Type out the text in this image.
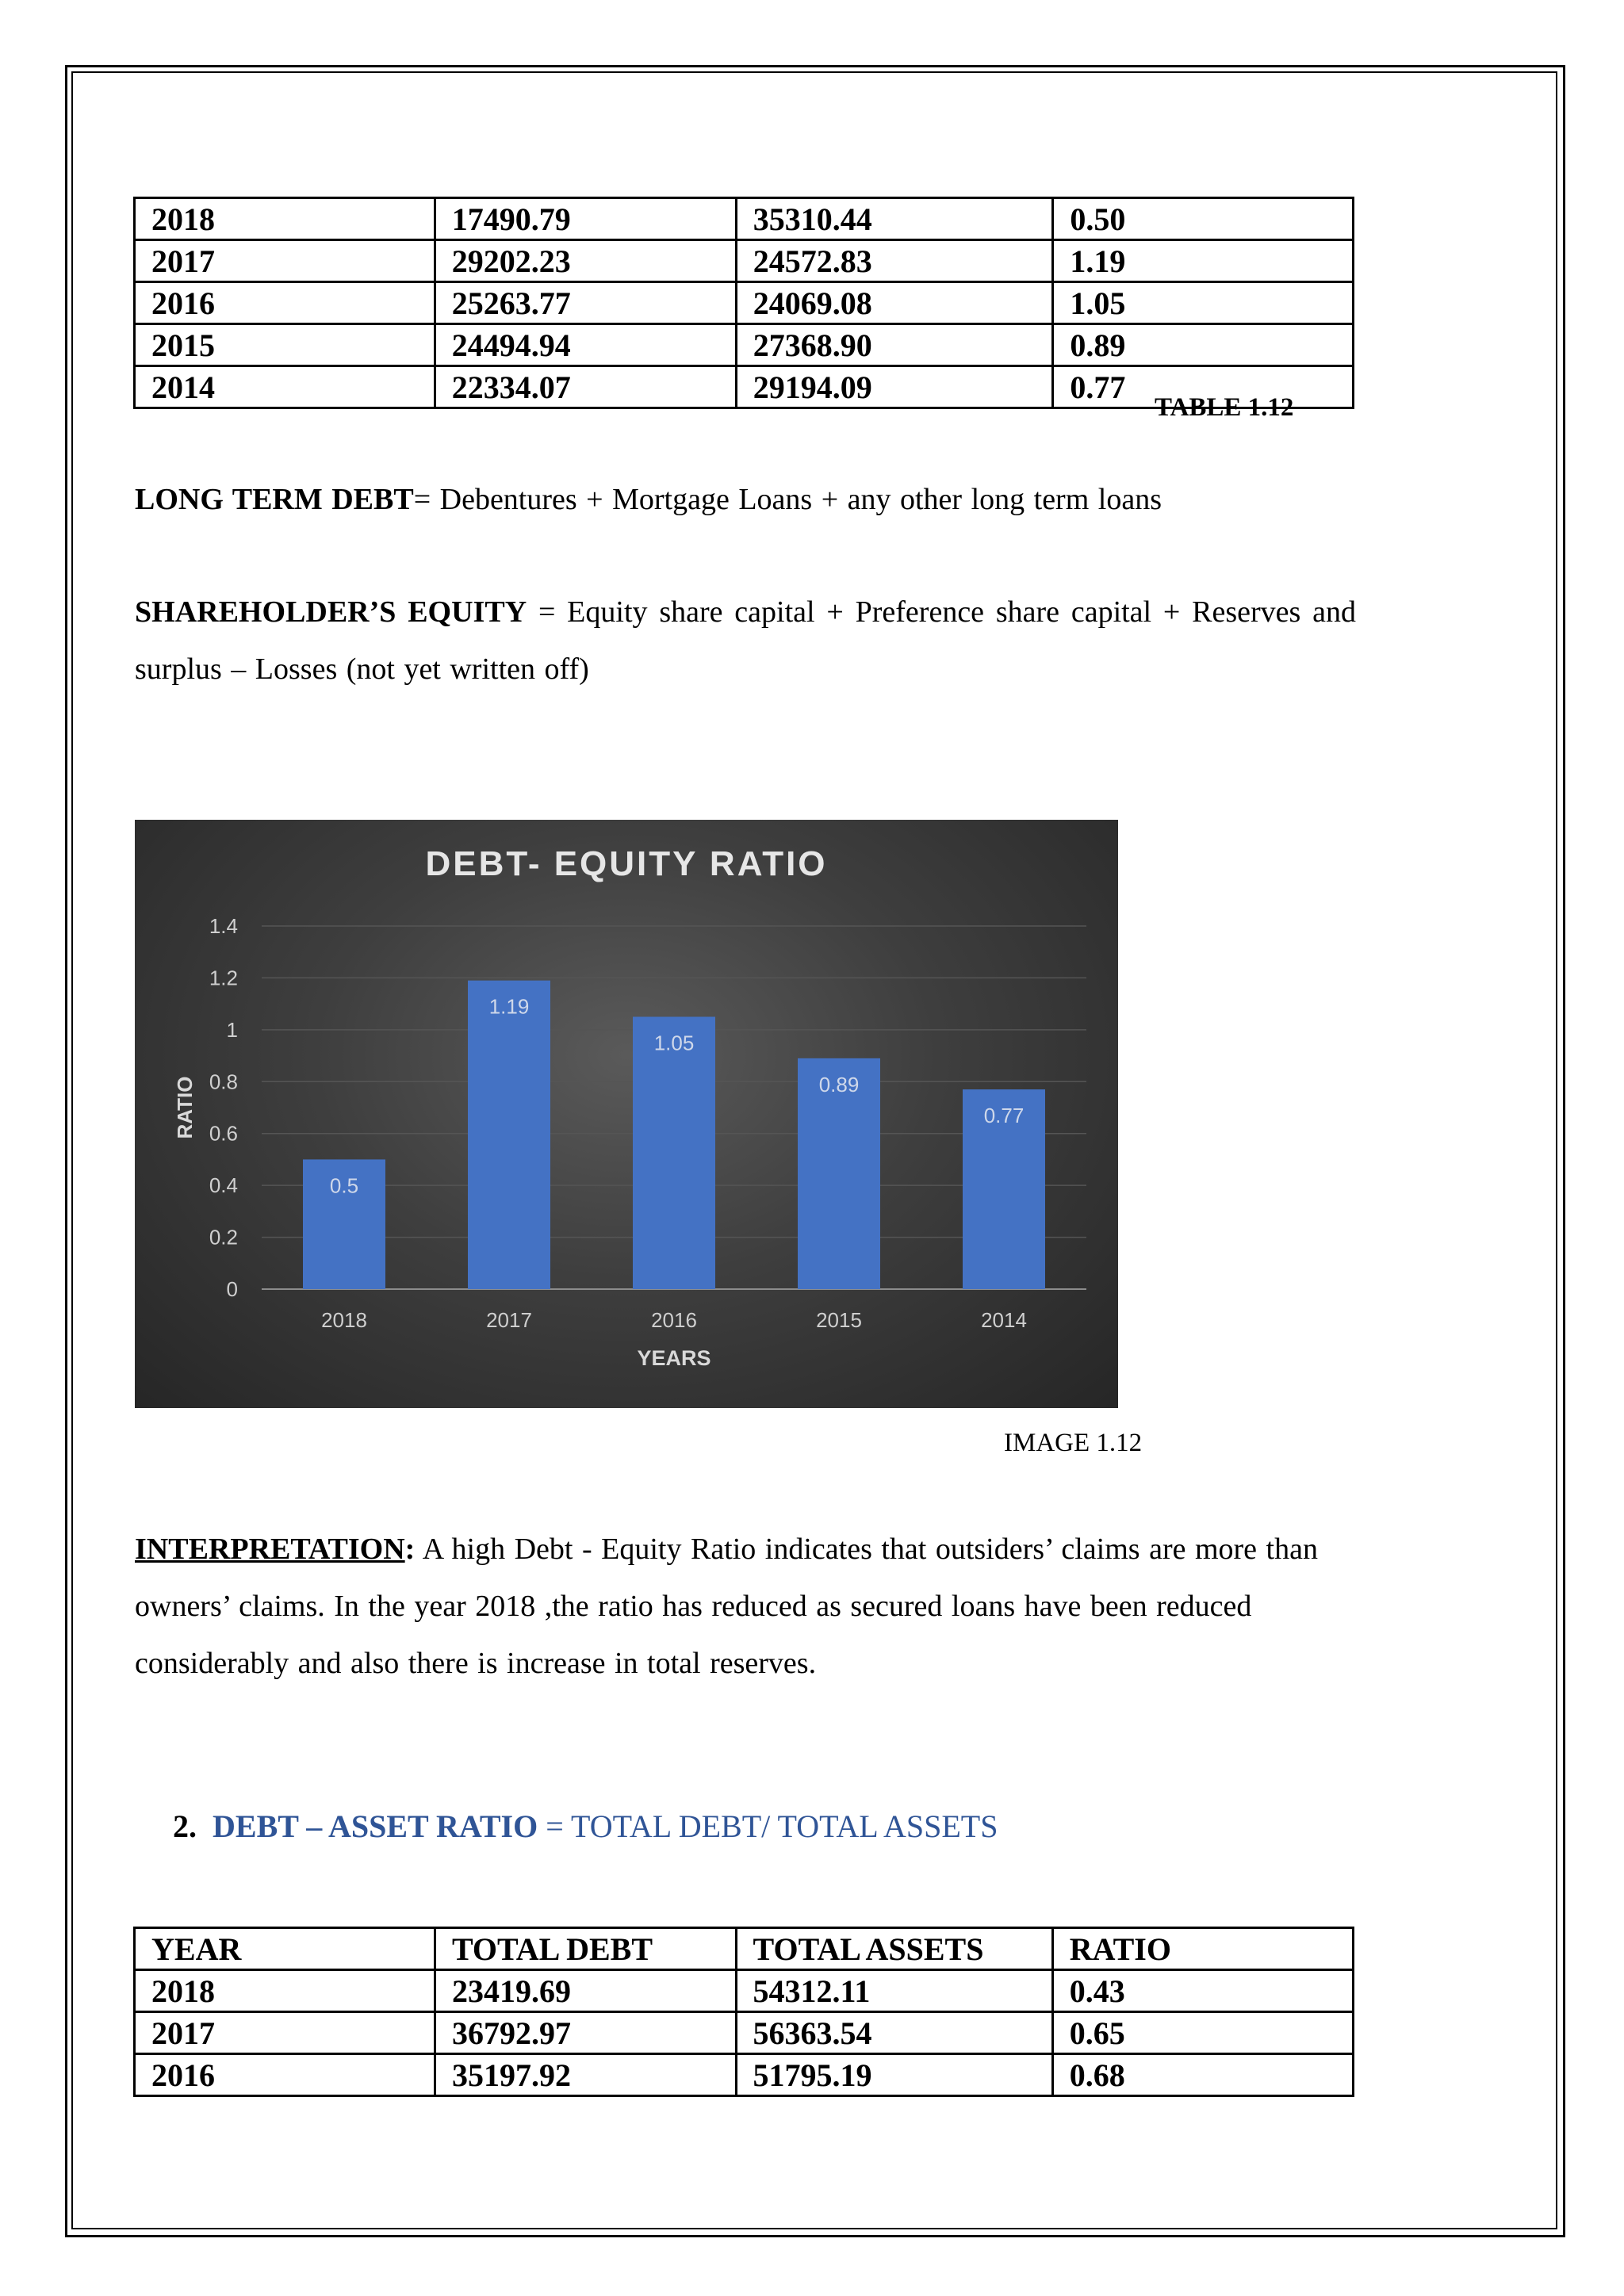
2018	17490.79	35310.44	0.50
2017	29202.23	24572.83	1.19
2016	25263.77	24069.08	1.05
2015	24494.94	27368.90	0.89
2014	22334.07	29194.09	0.77
TABLE 1.12
LONG TERM DEBT= Debentures + Mortgage Loans + any other long term loans
SHAREHOLDER’S EQUITY = Equity share capital + Preference share capital + Reserves and surplus – Losses (not yet written off)
DEBT- EQUITY RATIO
0
0.2
0.4
0.6
0.8
1
1.2
1.4
RATIO
0.5
2018
1.19
2017
1.05
2016
0.89
2015
0.77
2014
YEARS
IMAGE 1.12
INTERPRETATION: A high Debt - Equity Ratio indicates that outsiders’ claims are more than owners’ claims. In the year 2018 ,the ratio has reduced as secured loans have been reduced considerably and also there is increase in total reserves.
2. DEBT – ASSET RATIO = TOTAL DEBT/ TOTAL ASSETS
YEAR	TOTAL DEBT	TOTAL ASSETS	RATIO
2018	23419.69	54312.11	0.43
2017	36792.97	56363.54	0.65
2016	35197.92	51795.19	0.68
